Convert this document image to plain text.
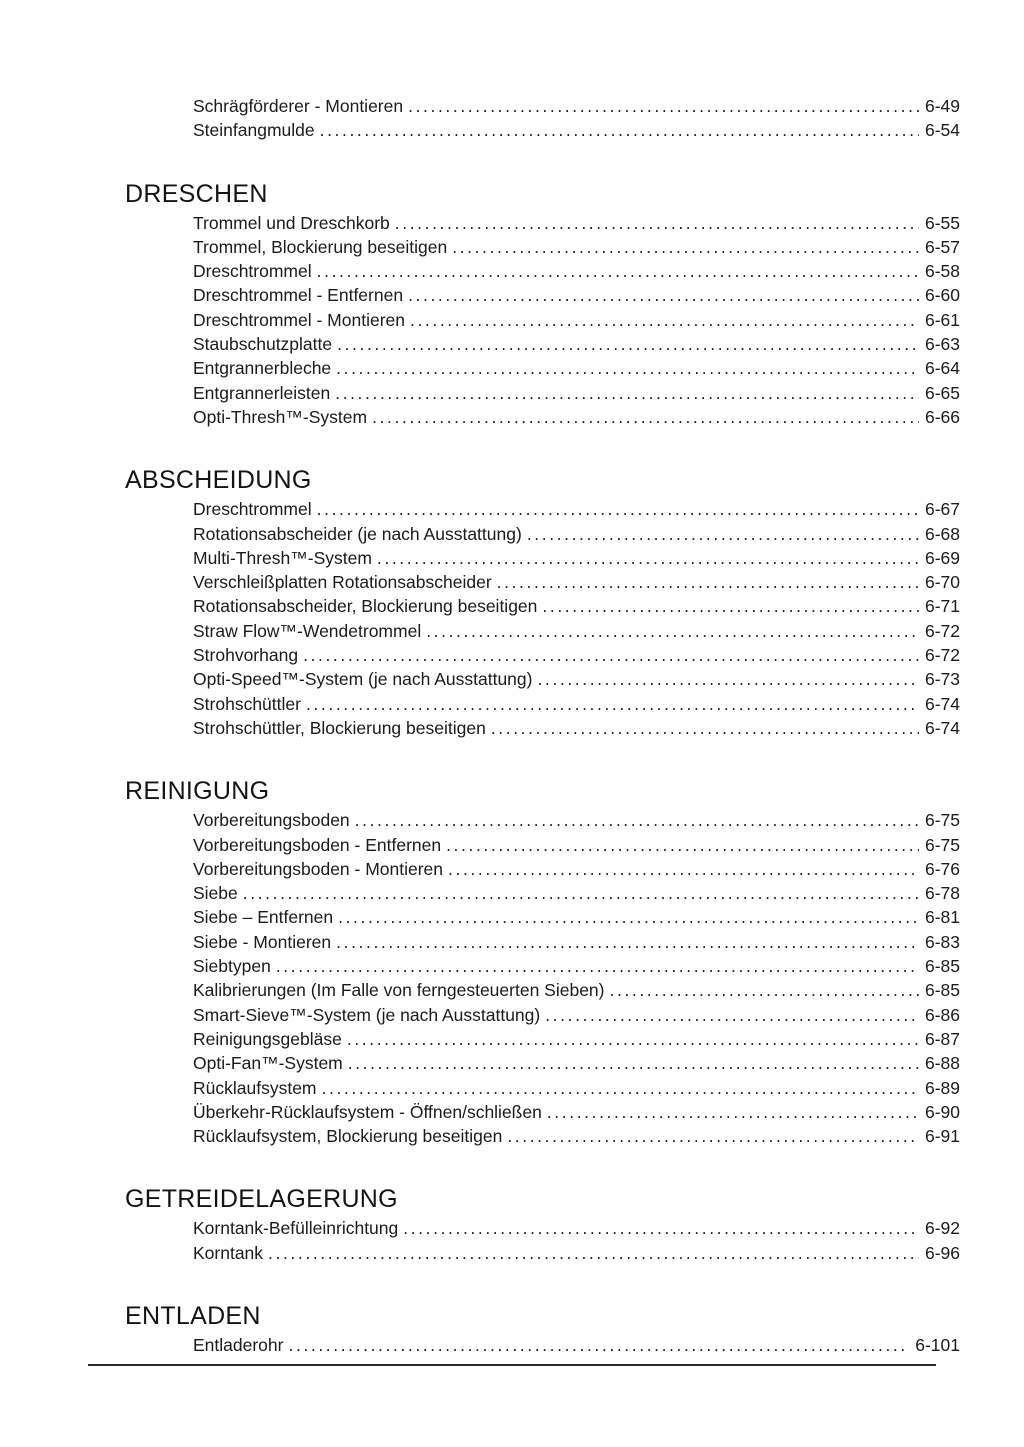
Schrägförderer - Montieren .....	6-49
Steinfangmulde .....	6-54
DRESCHEN
Trommel und Dreschkorb .....	6-55
Trommel, Blockierung beseitigen .....	6-57
Dreschtrommel .....	6-58
Dreschtrommel - Entfernen .....	6-60
Dreschtrommel - Montieren .....	6-61
Staubschutzplatte .....	6-63
Entgrannerbleche .....	6-64
Entgrannerleisten .....	6-65
Opti-Thresh™-System .....	6-66
ABSCHEIDUNG
Dreschtrommel .....	6-67
Rotationsabscheider (je nach Ausstattung) .....	6-68
Multi-Thresh™-System .....	6-69
Verschleißplatten Rotationsabscheider .....	6-70
Rotationsabscheider, Blockierung beseitigen .....	6-71
Straw Flow™-Wendetrommel .....	6-72
Strohvorhang .....	6-72
Opti-Speed™-System (je nach Ausstattung) .....	6-73
Strohschüttler .....	6-74
Strohschüttler, Blockierung beseitigen .....	6-74
REINIGUNG
Vorbereitungsboden .....	6-75
Vorbereitungsboden - Entfernen .....	6-75
Vorbereitungsboden - Montieren .....	6-76
Siebe .....	6-78
Siebe – Entfernen .....	6-81
Siebe - Montieren .....	6-83
Siebtypen .....	6-85
Kalibrierungen (Im Falle von ferngesteuerten Sieben) .....	6-85
Smart-Sieve™-System (je nach Ausstattung) .....	6-86
Reinigungsgebläse .....	6-87
Opti-Fan™-System .....	6-88
Rücklaufsystem .....	6-89
Überkehr-Rücklaufsystem - Öffnen/schließen .....	6-90
Rücklaufsystem, Blockierung beseitigen .....	6-91
GETREIDELAGERUNG
Korntank-Befülleinrichtung .....	6-92
Korntank .....	6-96
ENTLADEN
Entladerohr .....	6-101
